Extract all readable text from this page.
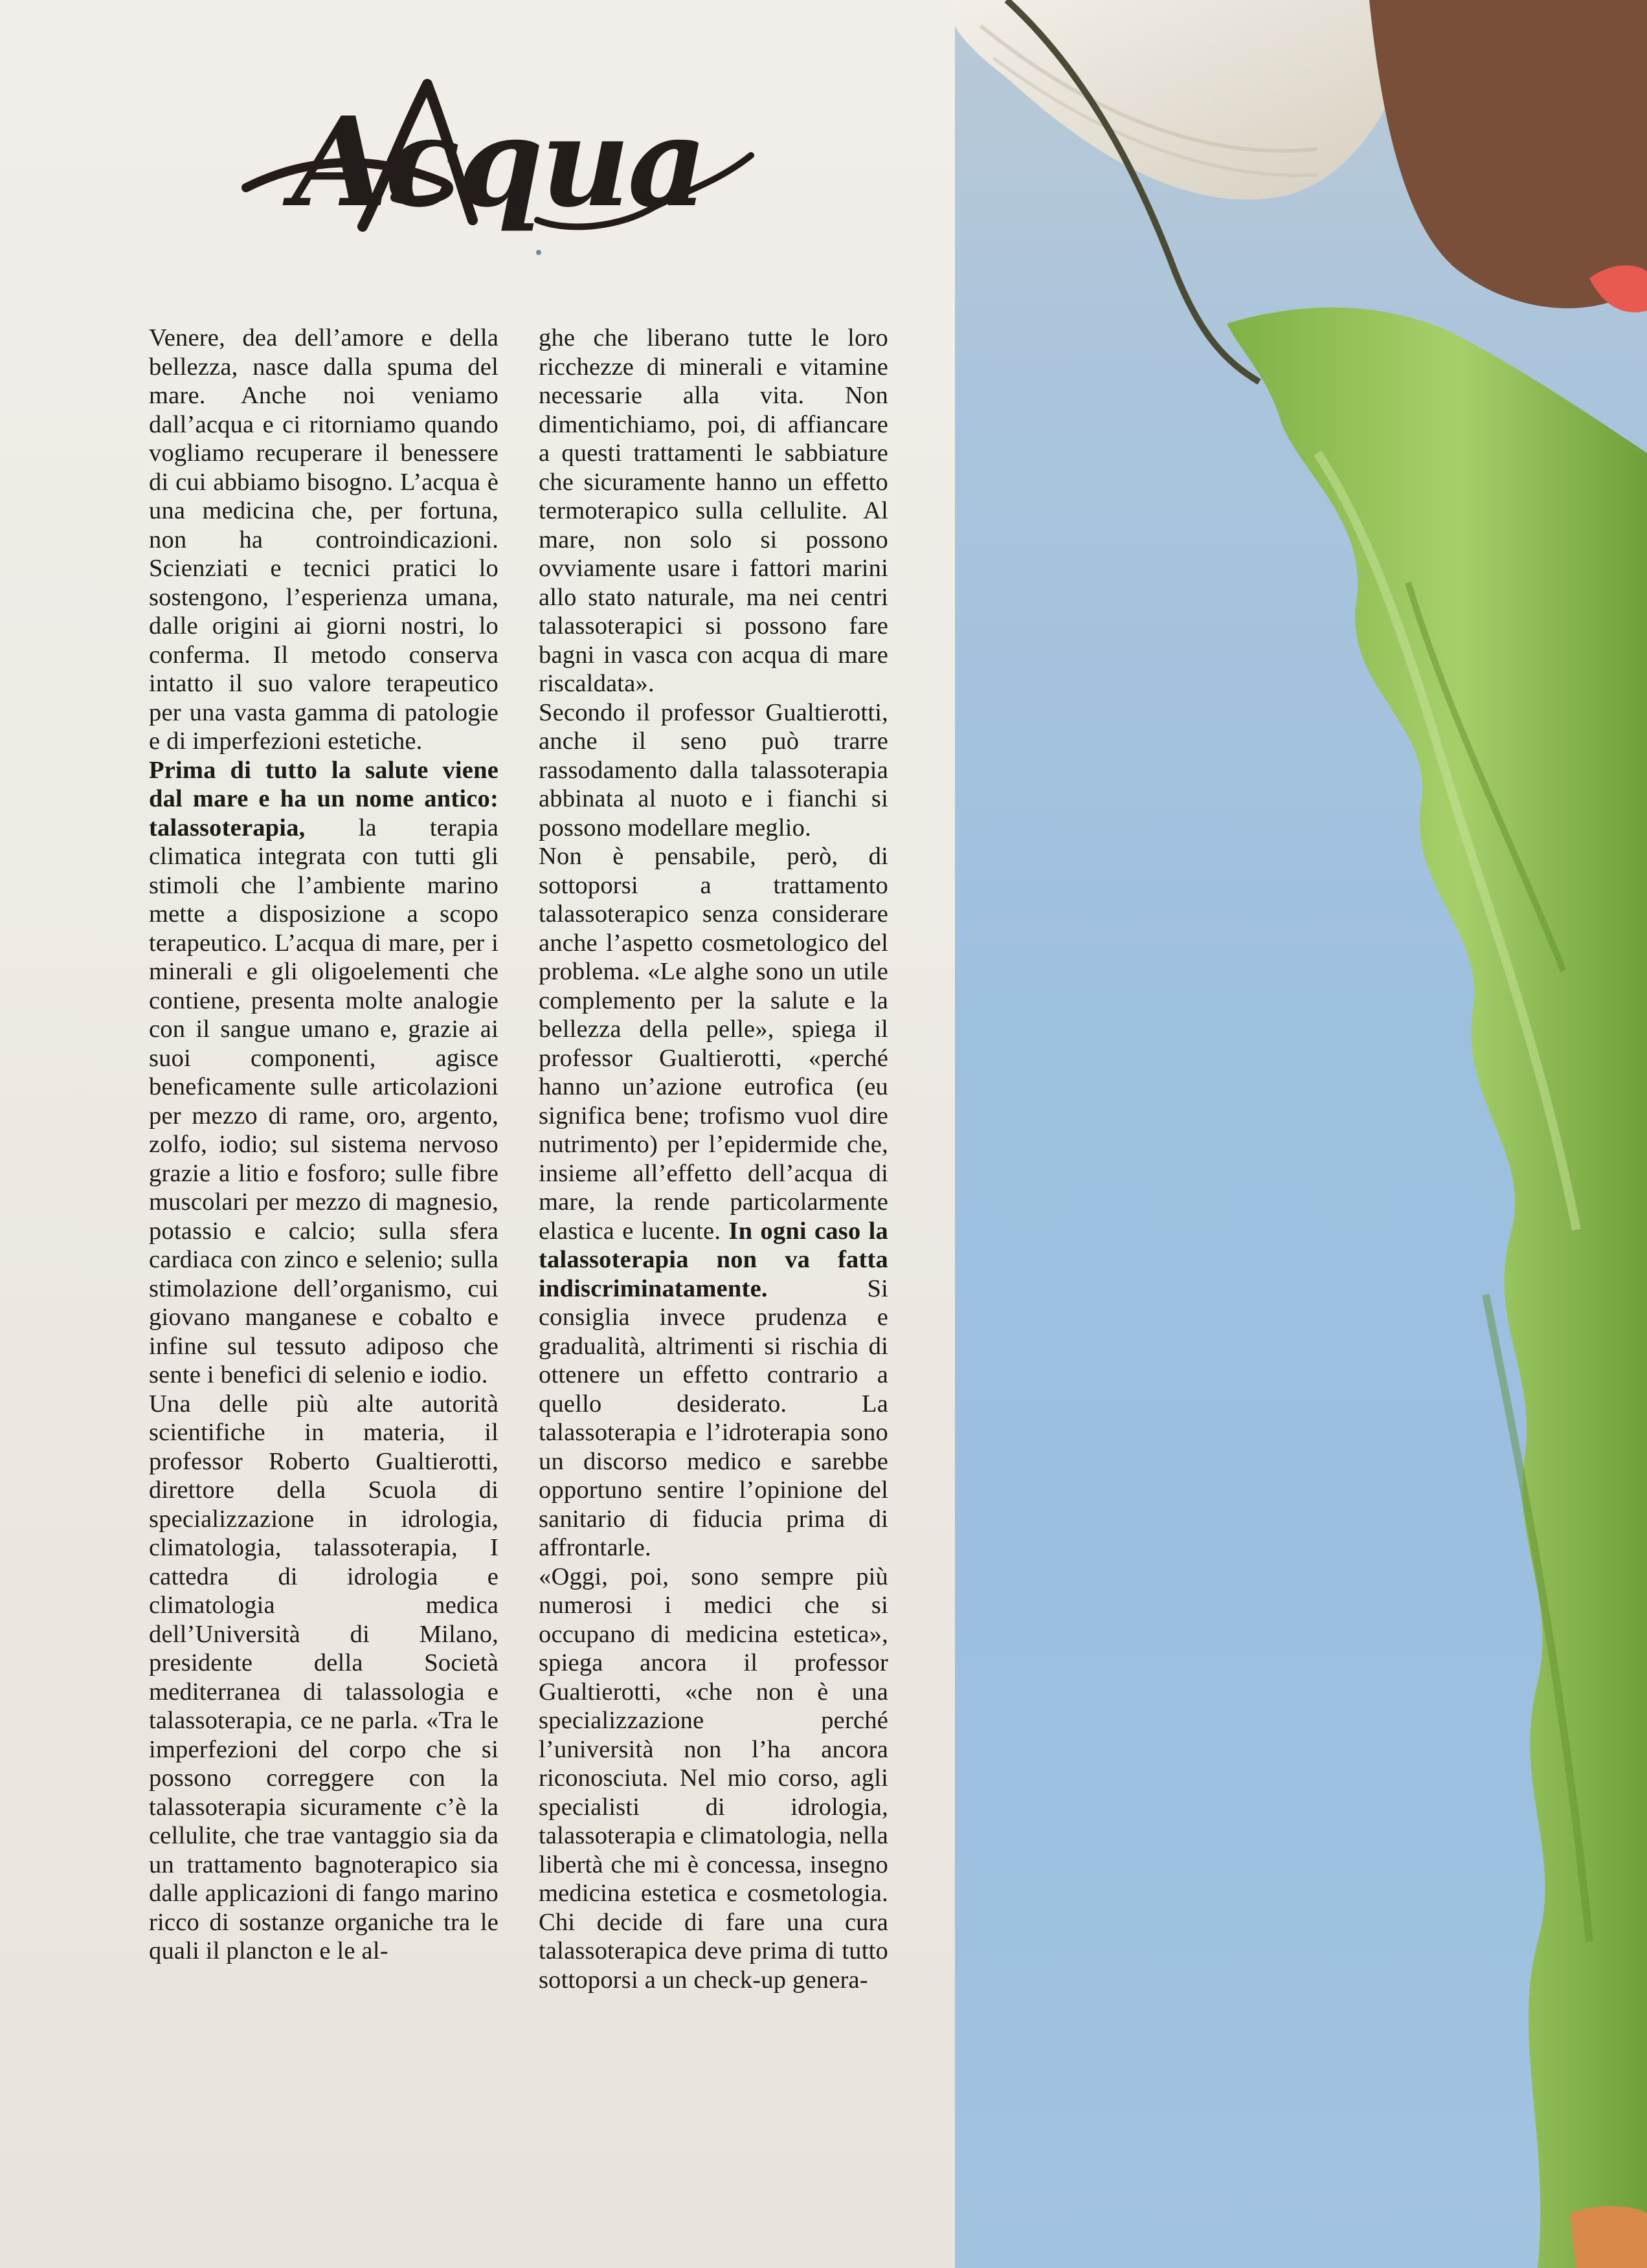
Acqua

Venere, dea dell’amore e della bellezza, nasce dalla spuma del mare. Anche noi veniamo dall’acqua e ci ritorniamo quando vogliamo recuperare il benessere di cui abbiamo bisogno. L’acqua è una medicina che, per fortuna, non ha controindicazioni. Scienziati e tecnici pratici lo sostengono, l’esperienza umana, dalle origini ai giorni nostri, lo conferma. Il metodo conserva intatto il suo valore terapeutico per una vasta gamma di patologie e di imperfezioni estetiche.

Prima di tutto la salute viene dal mare e ha un nome antico: talassoterapia, la terapia climatica integrata con tutti gli stimoli che l’ambiente marino mette a disposizione a scopo terapeutico. L’acqua di mare, per i minerali e gli oligoelementi che contiene, presenta molte analogie con il sangue umano e, grazie ai suoi componenti, agisce beneficamente sulle articolazioni per mezzo di rame, oro, argento, zolfo, iodio; sul sistema nervoso grazie a litio e fosforo; sulle fibre muscolari per mezzo di magnesio, potassio e calcio; sulla sfera cardiaca con zinco e selenio; sulla stimolazione dell’organismo, cui giovano manganese e cobalto e infine sul tessuto adiposo che sente i benefici di selenio e iodio.

Una delle più alte autorità scientifiche in materia, il professor Roberto Gualtierotti, direttore della Scuola di specializzazione in idrologia, climatologia, talassoterapia, I cattedra di idrologia e climatologia medica dell’Università di Milano, presidente della Società mediterranea di talassologia e talassoterapia, ce ne parla. «Tra le imperfezioni del corpo che si possono correggere con la talassoterapia sicuramente c’è la cellulite, che trae vantaggio sia da un trattamento bagnoterapico sia dalle applicazioni di fango marino ricco di sostanze organiche tra le quali il plancton e le al-

ghe che liberano tutte le loro ricchezze di minerali e vitamine necessarie alla vita. Non dimentichiamo, poi, di affiancare a questi trattamenti le sabbiature che sicuramente hanno un effetto termoterapico sulla cellulite. Al mare, non solo si possono ovviamente usare i fattori marini allo stato naturale, ma nei centri talassoterapici si possono fare bagni in vasca con acqua di mare riscaldata».

Secondo il professor Gualtierotti, anche il seno può trarre rassodamento dalla talassoterapia abbinata al nuoto e i fianchi si possono modellare meglio.

Non è pensabile, però, di sottoporsi a trattamento talassoterapico senza considerare anche l’aspetto cosmetologico del problema. «Le alghe sono un utile complemento per la salute e la bellezza della pelle», spiega il professor Gualtierotti, «perché hanno un’azione eutrofica (eu significa bene; trofismo vuol dire nutrimento) per l’epidermide che, insieme all’effetto dell’acqua di mare, la rende particolarmente elastica e lucente. In ogni caso la talassoterapia non va fatta indiscriminatamente. Si consiglia invece prudenza e gradualità, altrimenti si rischia di ottenere un effetto contrario a quello desiderato. La talassoterapia e l’idroterapia sono un discorso medico e sarebbe opportuno sentire l’opinione del sanitario di fiducia prima di affrontarle.

«Oggi, poi, sono sempre più numerosi i medici che si occupano di medicina estetica», spiega ancora il professor Gualtierotti, «che non è una specializzazione perché l’università non l’ha ancora riconosciuta. Nel mio corso, agli specialisti di idrologia, talassoterapia e climatologia, nella libertà che mi è concessa, insegno medicina estetica e cosmetologia. Chi decide di fare una cura talassoterapica deve prima di tutto sottoporsi a un check-up genera-
